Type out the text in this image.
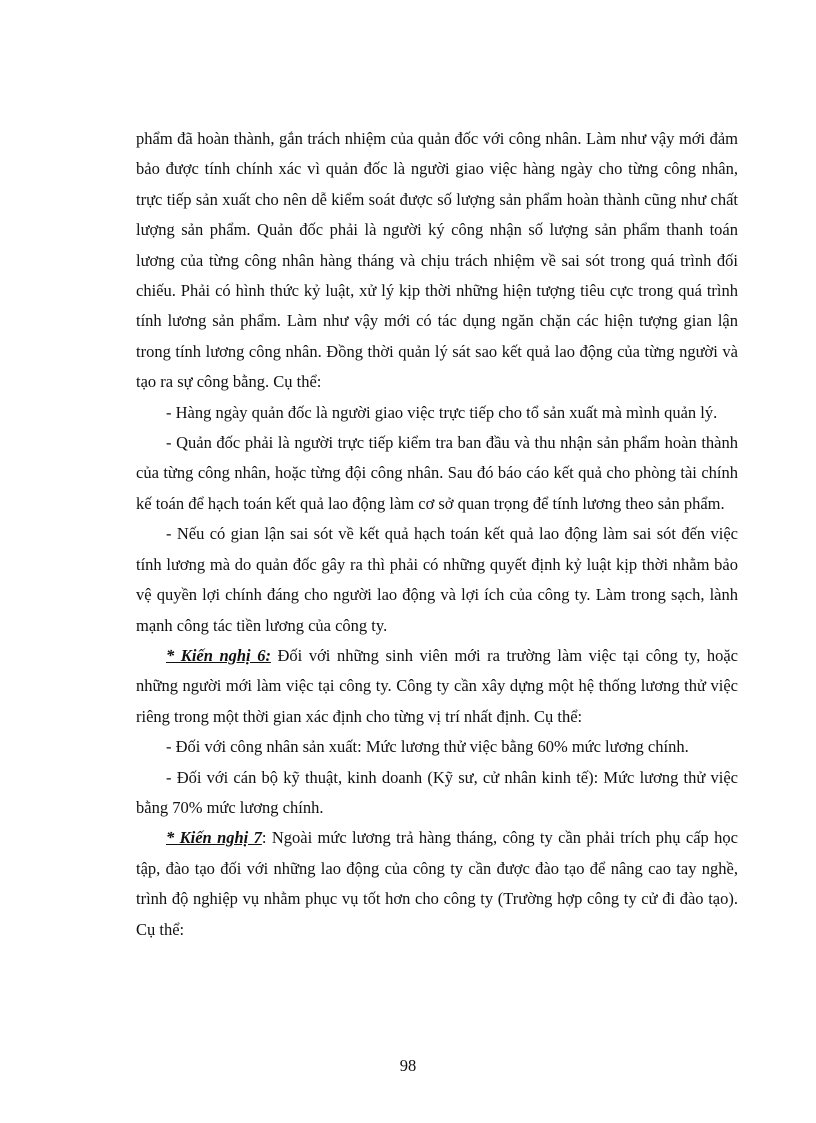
phẩm đã hoàn thành, gắn trách nhiệm của quản đốc với công nhân. Làm như vậy mới đảm bảo được tính chính xác vì quản đốc là người giao việc hàng ngày cho từng công nhân, trực tiếp sản xuất cho nên dễ kiểm soát được số lượng sản phẩm hoàn thành cũng như chất lượng sản phẩm. Quản đốc phải là người ký công nhận số lượng sản phẩm thanh toán lương của từng công nhân hàng tháng và chịu trách nhiệm về sai sót trong quá trình đối chiếu. Phải có hình thức kỷ luật, xử lý kịp thời những hiện tượng tiêu cực trong quá trình tính lương sản phẩm. Làm như vậy mới có tác dụng ngăn chặn các hiện tượng gian lận trong tính lương công nhân. Đồng thời quản lý sát sao kết quả lao động của từng người và tạo ra sự công bằng. Cụ thể:

- Hàng ngày quản đốc là người giao việc trực tiếp cho tổ sản xuất mà mình quản lý.

- Quản đốc phải là người trực tiếp kiểm tra ban đầu và thu nhận sản phẩm hoàn thành của từng công nhân, hoặc từng đội công nhân. Sau đó báo cáo kết quả cho phòng tài chính kế toán để hạch toán kết quả lao động làm cơ sở quan trọng để tính lương theo sản phẩm.

- Nếu có gian lận sai sót về kết quả hạch toán kết quả lao động làm sai sót đến việc tính lương mà do quản đốc gây ra thì phải có những quyết định kỷ luật kịp thời nhằm bảo vệ quyền lợi chính đáng cho người lao động và lợi ích của công ty. Làm trong sạch, lành mạnh công tác tiền lương của công ty.

* Kiến nghị 6: Đối với những sinh viên mới ra trường làm việc tại công ty, hoặc những người mới làm việc tại công ty. Công ty cần xây dựng một hệ thống lương thử việc riêng trong một thời gian xác định cho từng vị trí nhất định. Cụ thể:

- Đối với công nhân sản xuất: Mức lương thử việc bằng 60% mức lương chính.

- Đối với cán bộ kỹ thuật, kinh doanh (Kỹ sư, cử nhân kinh tế): Mức lương thử việc bằng 70% mức lương chính.

* Kiến nghị 7: Ngoài mức lương trả hàng tháng, công ty cần phải trích phụ cấp học tập, đào tạo đối với những lao động của công ty cần được đào tạo để nâng cao tay nghề, trình độ nghiệp vụ nhằm phục vụ tốt hơn cho công ty (Trường hợp công ty cử đi đào tạo). Cụ thể:

98
